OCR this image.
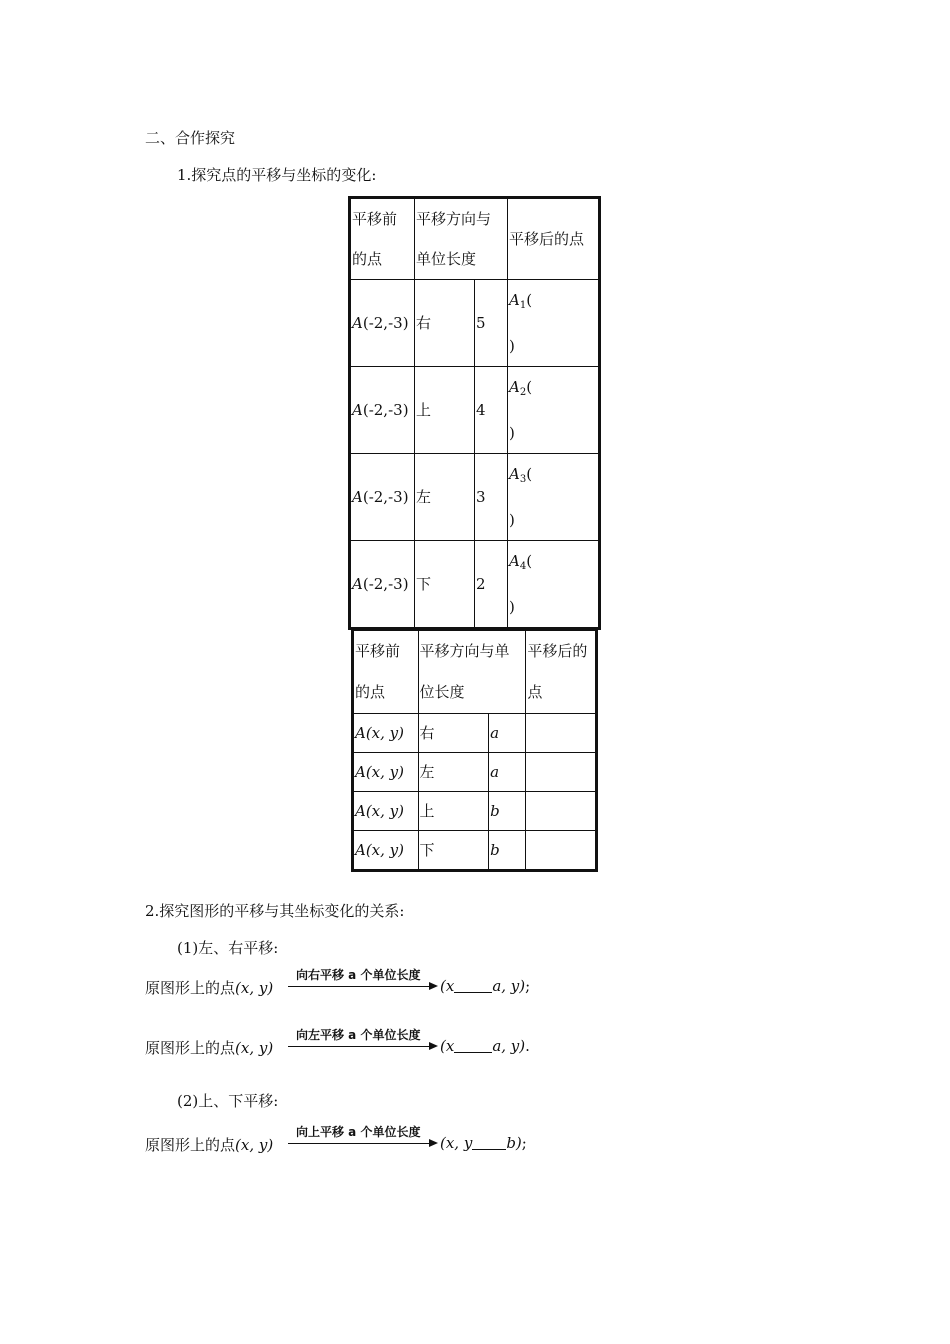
二、合作探究
1.探究点的平移与坐标的变化:
平移前
的点	平移方向与
单位长度		平移后的点
A(-2,-3)	右	5	$A_1$(
)
A(-2,-3)	上	4	$A_2$(
)
A(-2,-3)	左	3	$A_3$(
)
A(-2,-3)	下	2	$A_4$(
)
平移前
的点	平移方向与单
位长度		平移后的
点
A(x, y)	右	a	
A(x, y)	左	a	
A(x, y)	上	b	
A(x, y)	下	b	
2.探究图形的平移与其坐标变化的关系:
(1)左、右平移:
原图形上的点(x, y)
向右平移 a 个单位长度
(x	a, y);
原图形上的点(x, y)
向左平移 a 个单位长度
(x	a, y).
(2)上、下平移:
原图形上的点(x, y)
向上平移 a 个单位长度
(x, y b);
